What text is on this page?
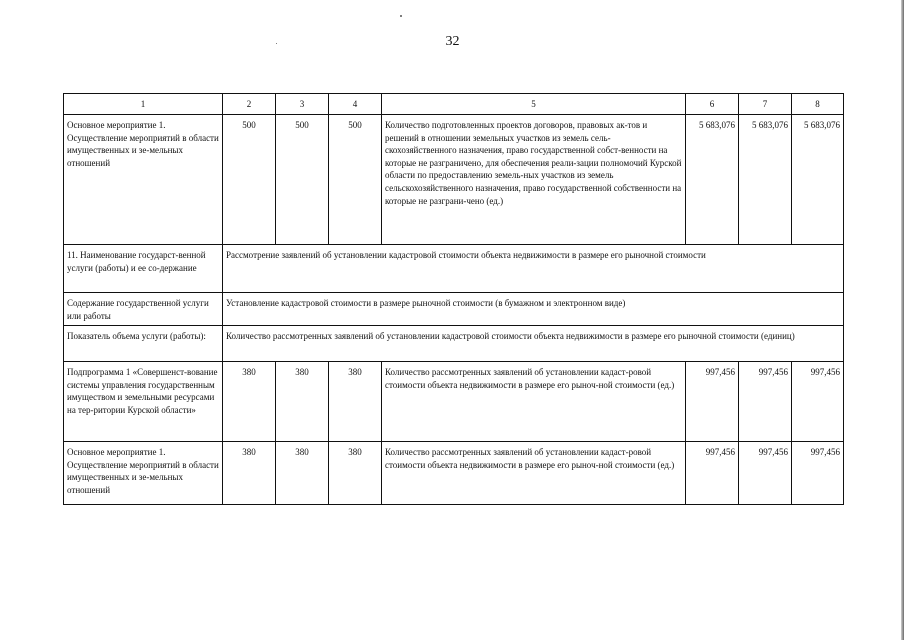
32
1	2	3	4	5	6	7	8
Основное мероприятие 1. Осуществление мероприятий в области имущественных и зе-мельных отношений	500	500	500	Количество подготовленных проектов договоров, правовых ак-тов и решений в отношении земельных участков из земель сель-скохозяйственного назначения, право государственной собст-венности на которые не разграничено, для обеспечения реали-зации полномочий Курской области по предоставлению земель-ных участков из земель сельскохозяйственного назначения, право государственной собственности на которые не разграни-чено (ед.)	5 683,076	5 683,076	5 683,076
11. Наименование государст-венной услуги (работы) и ее со-держание	Рассмотрение заявлений об установлении кадастровой стоимости объекта недвижимости в размере его рыночной стоимости						
Содержание государственной услуги или работы	Установление кадастровой стоимости в размере рыночной стоимости (в бумажном и электронном виде)						
Показатель объема услуги (работы):	Количество рассмотренных заявлений об установлении кадастровой стоимости объекта недвижимости в размере его рыночной стоимости (единиц)						
Подпрограмма 1 «Совершенст-вование системы управления государственным имуществом и земельными ресурсами на тер-ритории Курской области»	380	380	380	Количество рассмотренных заявлений об установлении кадаст-ровой стоимости объекта недвижимости в размере его рыноч-ной стоимости (ед.)	997,456	997,456	997,456
Основное мероприятие 1. Осуществление мероприятий в области имущественных и зе-мельных отношений	380	380	380	Количество рассмотренных заявлений об установлении кадаст-ровой стоимости объекта недвижимости в размере его рыноч-ной стоимости (ед.)	997,456	997,456	997,456
